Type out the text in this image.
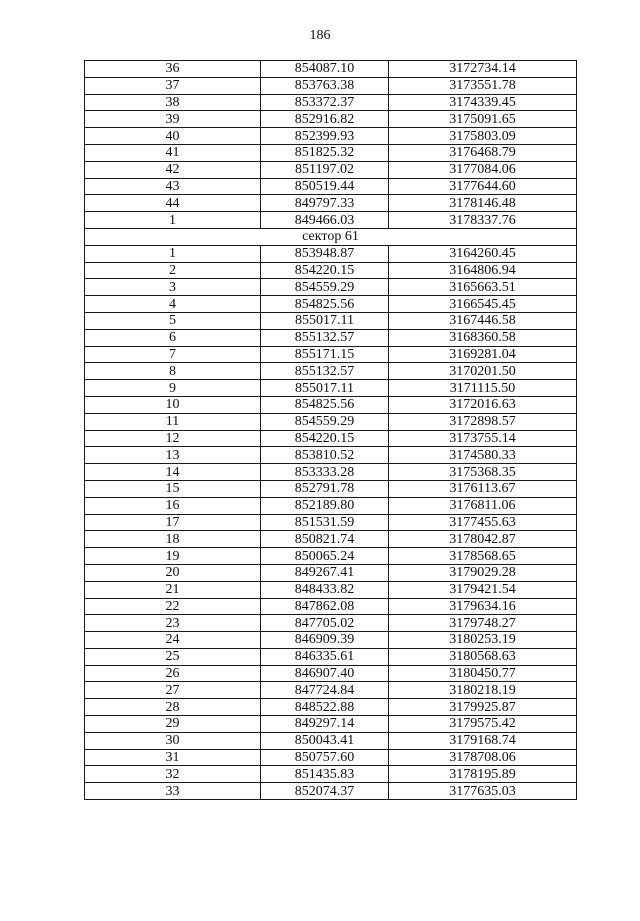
186
36	854087.10	3172734.14
37	853763.38	3173551.78
38	853372.37	3174339.45
39	852916.82	3175091.65
40	852399.93	3175803.09
41	851825.32	3176468.79
42	851197.02	3177084.06
43	850519.44	3177644.60
44	849797.33	3178146.48
1	849466.03	3178337.76
сектор 61		
1	853948.87	3164260.45
2	854220.15	3164806.94
3	854559.29	3165663.51
4	854825.56	3166545.45
5	855017.11	3167446.58
6	855132.57	3168360.58
7	855171.15	3169281.04
8	855132.57	3170201.50
9	855017.11	3171115.50
10	854825.56	3172016.63
11	854559.29	3172898.57
12	854220.15	3173755.14
13	853810.52	3174580.33
14	853333.28	3175368.35
15	852791.78	3176113.67
16	852189.80	3176811.06
17	851531.59	3177455.63
18	850821.74	3178042.87
19	850065.24	3178568.65
20	849267.41	3179029.28
21	848433.82	3179421.54
22	847862.08	3179634.16
23	847705.02	3179748.27
24	846909.39	3180253.19
25	846335.61	3180568.63
26	846907.40	3180450.77
27	847724.84	3180218.19
28	848522.88	3179925.87
29	849297.14	3179575.42
30	850043.41	3179168.74
31	850757.60	3178708.06
32	851435.83	3178195.89
33	852074.37	3177635.03
